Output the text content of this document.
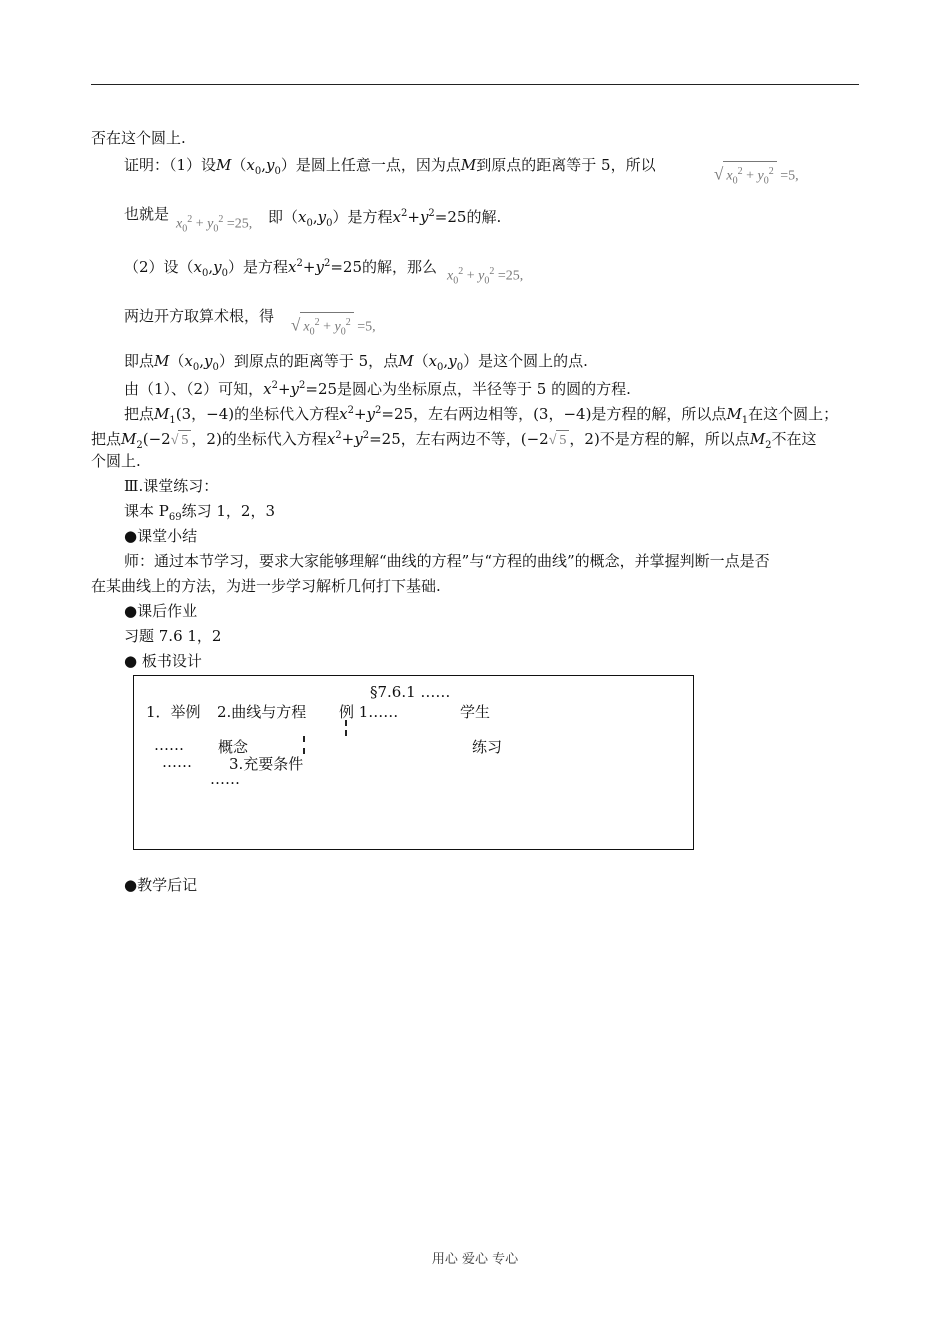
否在这个圆上.
证明：（1）设$M(x_0,y_0)$是圆上任意一点，因为点M到原点的距离等于 5，所以	√ $x_0^2 + y_0^2 =5$,
也就是
$x_0^2 + y_0^2 =25$, 即$(x_0,y_0)$是方程$x^2+y^2=25$的解.
（2）设$(x_0,y_0)$是方程$x^2+y^2=25$的解，那么
$x_0^2 + y_0^2 =25$,
两边开方取算术根，得 √ $x_0^2 + y_0^2 =5$,
即点$M(x_0,y_0)$到原点的距离等于 5，点$M(x_0,y_0)$是这个圆上的点.
由（1）、（2）可知，$x^2+y^2=25$是圆心为坐标原点，半径等于 5 的圆的方程.
把点$M_1(3$，−4)的坐标代入方程$x^2+y^2=25$，左右两边相等，(3，−4)是方程的解，所以点$M_1$在这个圆上；
把点$M_2(-2√$ 5 ，2)的坐标代入方程$x^2+y^2=25$，左右两边不等，(−2√ 5 ，2)不是方程的解，所以点$M_2$不在这
个圆上.
Ⅲ.课堂练习：
课本 $P_{69}$练习 1，2，3
●课堂小结
师：通过本节学习，要求大家能够理解“曲线的方程”与“方程的曲线”的概念，并掌握判断一点是否
在某曲线上的方法，为进一步学习解析几何打下基础.
●课后作业
习题 7.6 1，2
● 板书设计
§7.6.1 ……
1．举例 2.曲线与方程 例 1……	学生
…… 概念	练习
…… 3.充要条件
……
●教学后记
用心 爱心 专心
